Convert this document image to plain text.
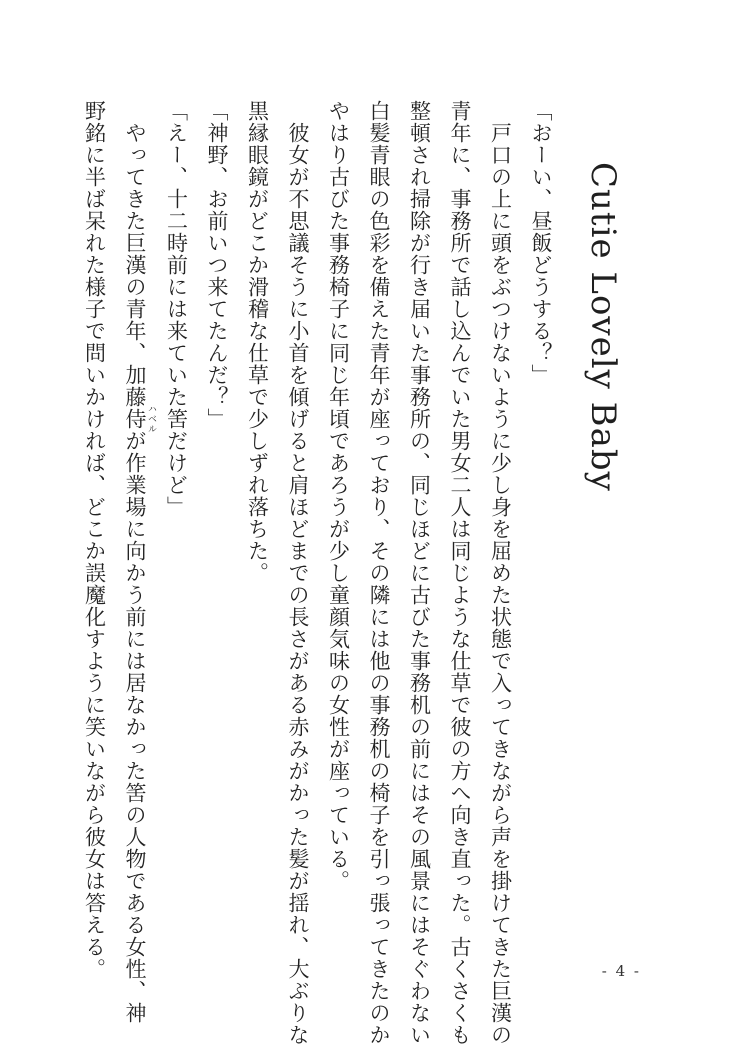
Cutie Lovely Baby

「おーい、昼飯どうする？」

　戸口の上に頭をぶつけないように少し身を屈めた状態で入ってきながら声を掛けてきた巨漢の

青年に、事務所で話し込んでいた男女二人は同じような仕草で彼の方へ向き直った。古くさくも

整頓され掃除が行き届いた事務所の、同じほどに古びた事務机の前にはその風景にはそぐわない

白髪青眼の色彩を備えた青年が座っており、その隣には他の事務机の椅子を引っ張ってきたのか

やはり古びた事務椅子に同じ年頃であろうが少し童顔気味の女性が座っている。

　彼女が不思議そうに小首を傾げると肩ほどまでの長さがある赤みがかった髪が揺れ、大ぶりな

黒縁眼鏡がどこか滑稽な仕草で少しずれ落ちた。

「神野、お前いつ来てたんだ？」

「えー、十二時前には来ていた筈だけど」

　やってきた巨漢の青年、加藤侍 ハベルが作業場に向かう前には居なかった筈の人物である女性、神

野銘に半ば呆れた様子で問いかければ、どこか誤魔化すように笑いながら彼女は答える。	- 4 -
